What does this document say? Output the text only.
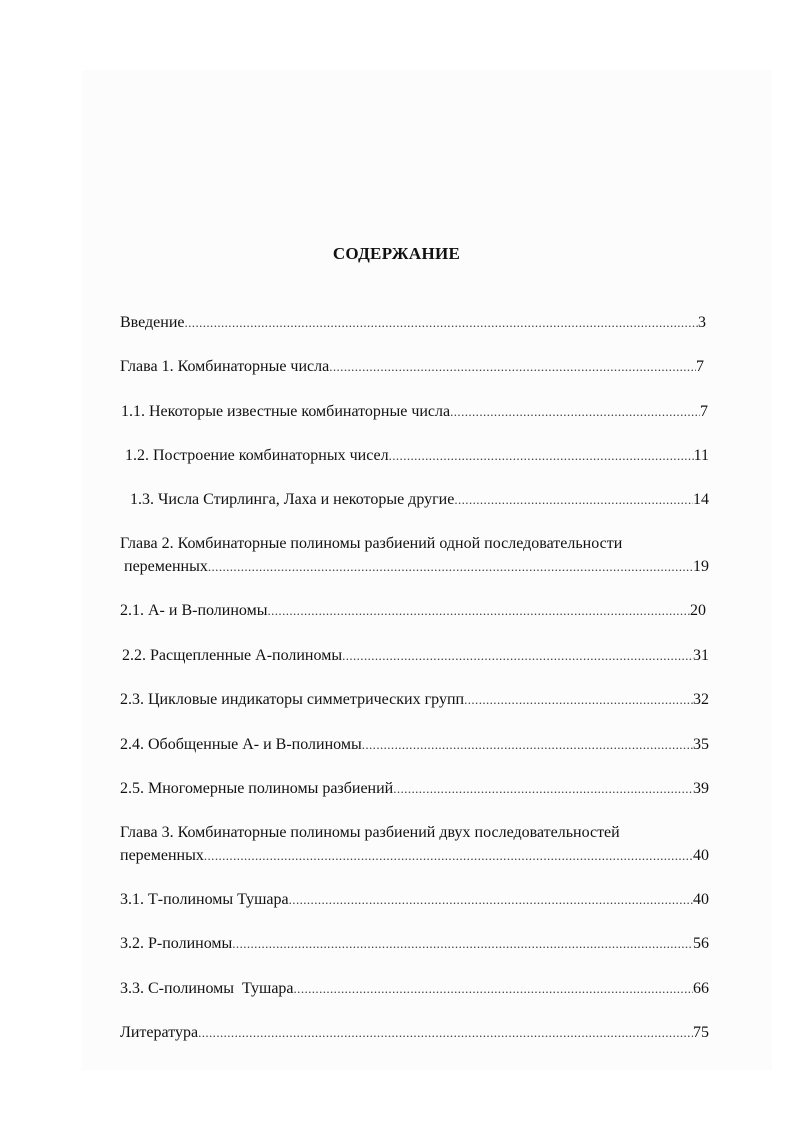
СОДЕРЖАНИЕ
Введение .....	3
Глава 1. Комбинаторные числа .....	7
1.1. Некоторые известные комбинаторные числа .....	7
1.2. Построение комбинаторных чисел .....	11
1.3. Числа Стирлинга, Лаха и некоторые другие .....	14
Глава 2. Комбинаторные полиномы разбиений одной последовательности
переменных .....	19
2.1. А- и В-полиномы .....	20
2.2. Расщепленные А-полиномы .....	31
2.3. Цикловые индикаторы симметрических групп .....	32
2.4. Обобщенные А- и В-полиномы .....	35
2.5. Многомерные полиномы разбиений .....	39
Глава 3. Комбинаторные полиномы разбиений двух последовательностей
переменных .....	40
3.1. Т-полиномы Тушара .....	40
3.2. Р-полиномы .....	56
3.3. С-полиномы  Тушара .....	66
Литература .....	75
